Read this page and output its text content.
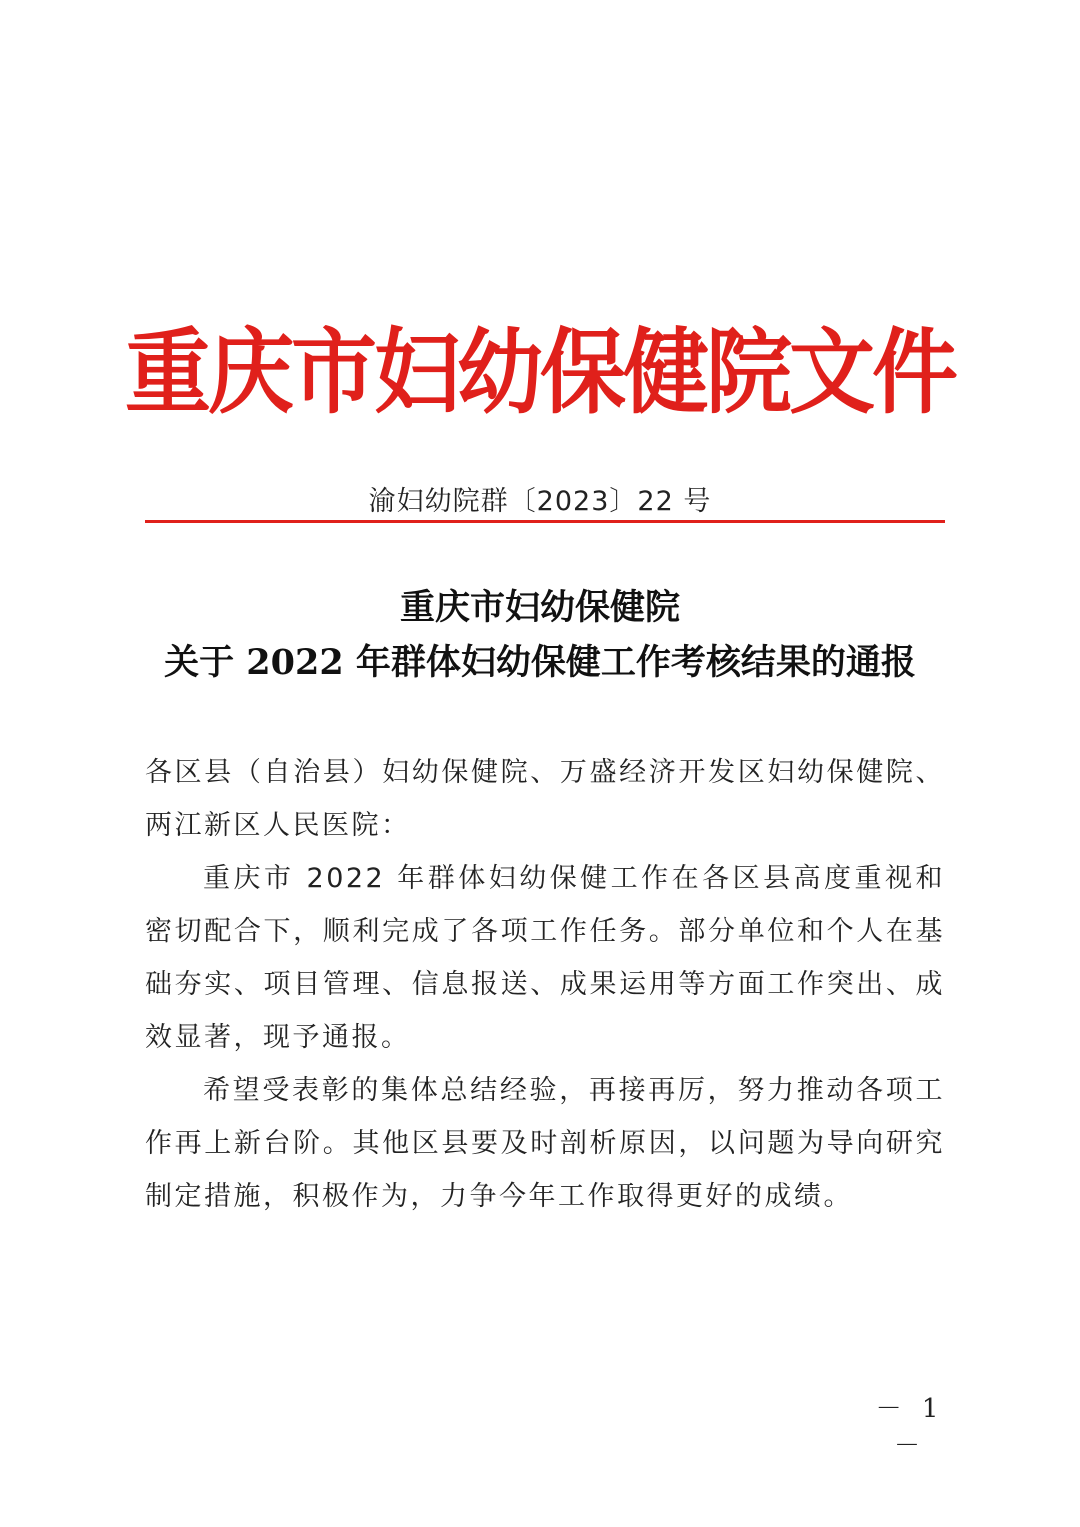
重庆市妇幼保健院文件
渝妇幼院群〔2023〕22 号
重庆市妇幼保健院
关于 2022 年群体妇幼保健工作考核结果的通报
各区县（自治县）妇幼保健院、万盛经济开发区妇幼保健院、两江新区人民医院：
重庆市 2022 年群体妇幼保健工作在各区县高度重视和密切配合下，顺利完成了各项工作任务。部分单位和个人在基础夯实、项目管理、信息报送、成果运用等方面工作突出、成效显著，现予通报。
希望受表彰的集体总结经验，再接再厉，努力推动各项工作再上新台阶。其他区县要及时剖析原因，以问题为导向研究制定措施，积极作为，力争今年工作取得更好的成绩。
－ 1 －
